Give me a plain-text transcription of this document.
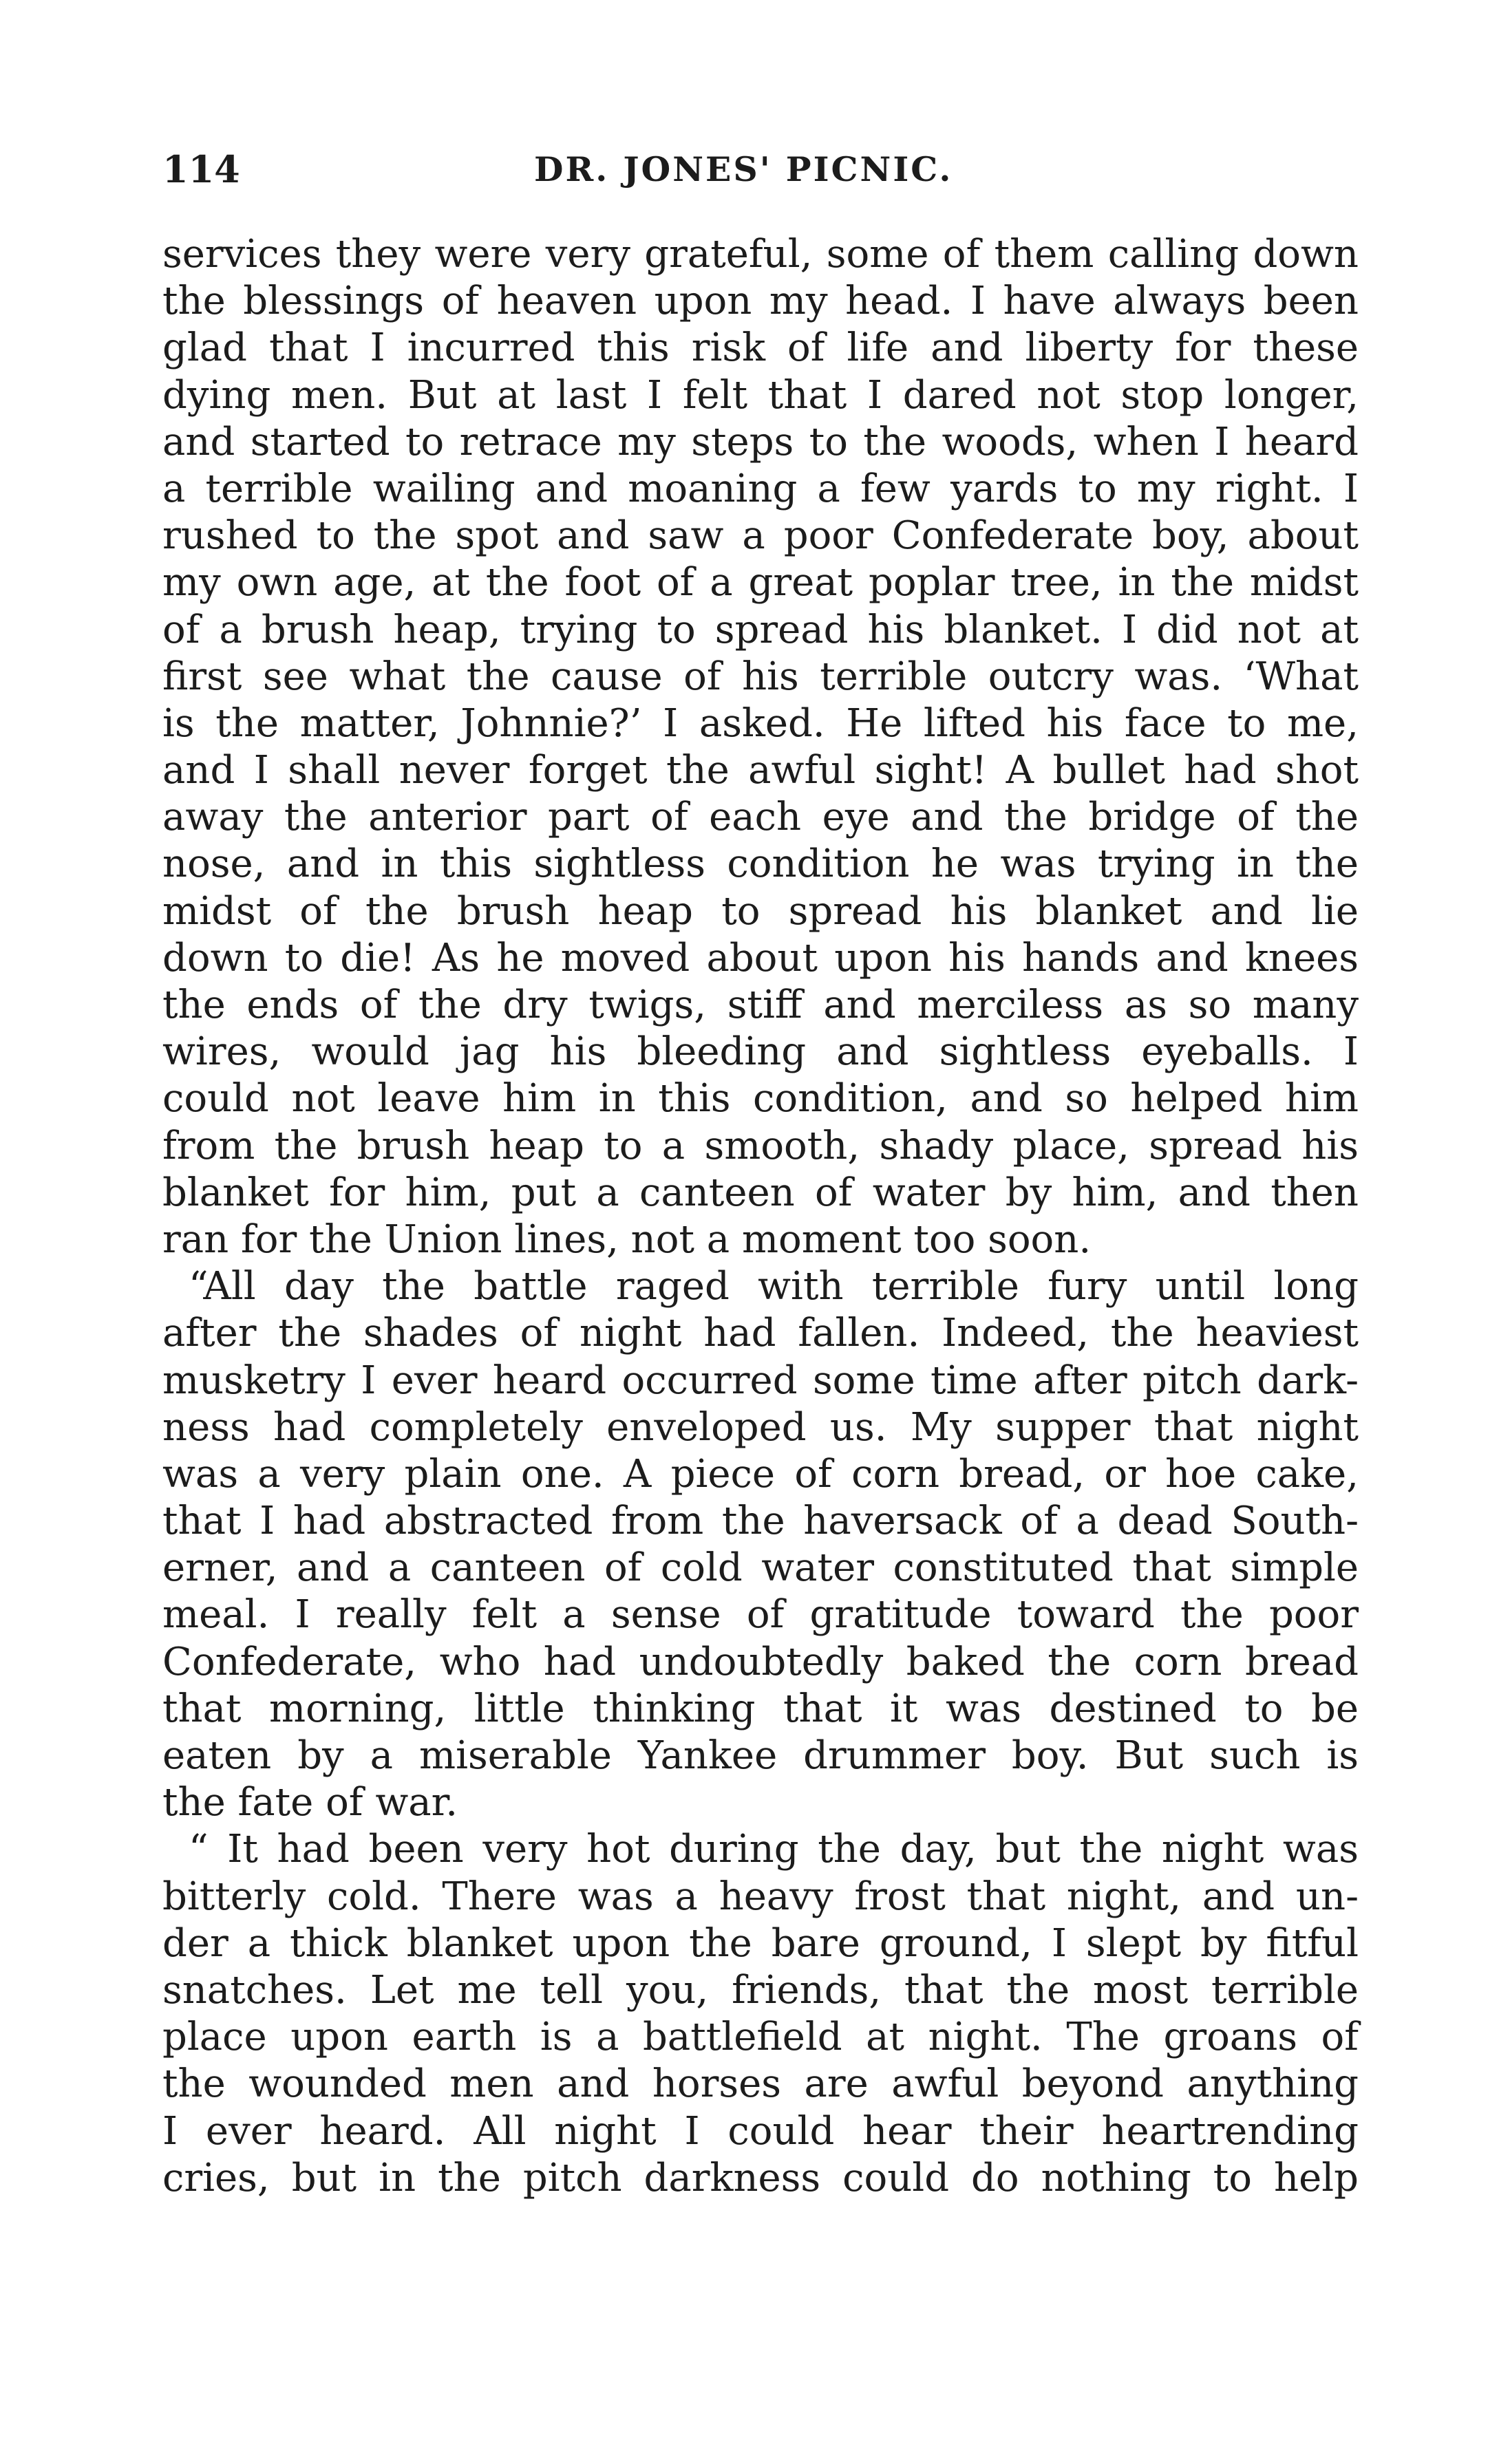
114	DR. JONES' PICNIC.
services they were very grateful, some of them calling down
the blessings of heaven upon my head. I have always been
glad that I incurred this risk of life and liberty for these
dying men. But at last I felt that I dared not stop longer,
and started to retrace my steps to the woods, when I heard
a terrible wailing and moaning a few yards to my right. I
rushed to the spot and saw a poor Confederate boy, about
my own age, at the foot of a great poplar tree, in the midst
of a brush heap, trying to spread his blanket. I did not at
first see what the cause of his terrible outcry was. ‘What
is the matter, Johnnie?’ I asked. He lifted his face to me,
and I shall never forget the awful sight! A bullet had shot
away the anterior part of each eye and the bridge of the
nose, and in this sightless condition he was trying in the
midst of the brush heap to spread his blanket and lie
down to die! As he moved about upon his hands and knees
the ends of the dry twigs, stiff and merciless as so many
wires, would jag his bleeding and sightless eyeballs. I
could not leave him in this condition, and so helped him
from the brush heap to a smooth, shady place, spread his
blanket for him, put a canteen of water by him, and then
ran for the Union lines, not a moment too soon.
“All day the battle raged with terrible fury until long
after the shades of night had fallen. Indeed, the heaviest
musketry I ever heard occurred some time after pitch dark-
ness had completely enveloped us. My supper that night
was a very plain one. A piece of corn bread, or hoe cake,
that I had abstracted from the haversack of a dead South-
erner, and a canteen of cold water constituted that simple
meal. I really felt a sense of gratitude toward the poor
Confederate, who had undoubtedly baked the corn bread
that morning, little thinking that it was destined to be
eaten by a miserable Yankee drummer boy. But such is
the fate of war.
“ It had been very hot during the day, but the night was
bitterly cold. There was a heavy frost that night, and un-
der a thick blanket upon the bare ground, I slept by fitful
snatches. Let me tell you, friends, that the most terrible
place upon earth is a battlefield at night. The groans of
the wounded men and horses are awful beyond anything
I ever heard. All night I could hear their heartrending
cries, but in the pitch darkness could do nothing to help
